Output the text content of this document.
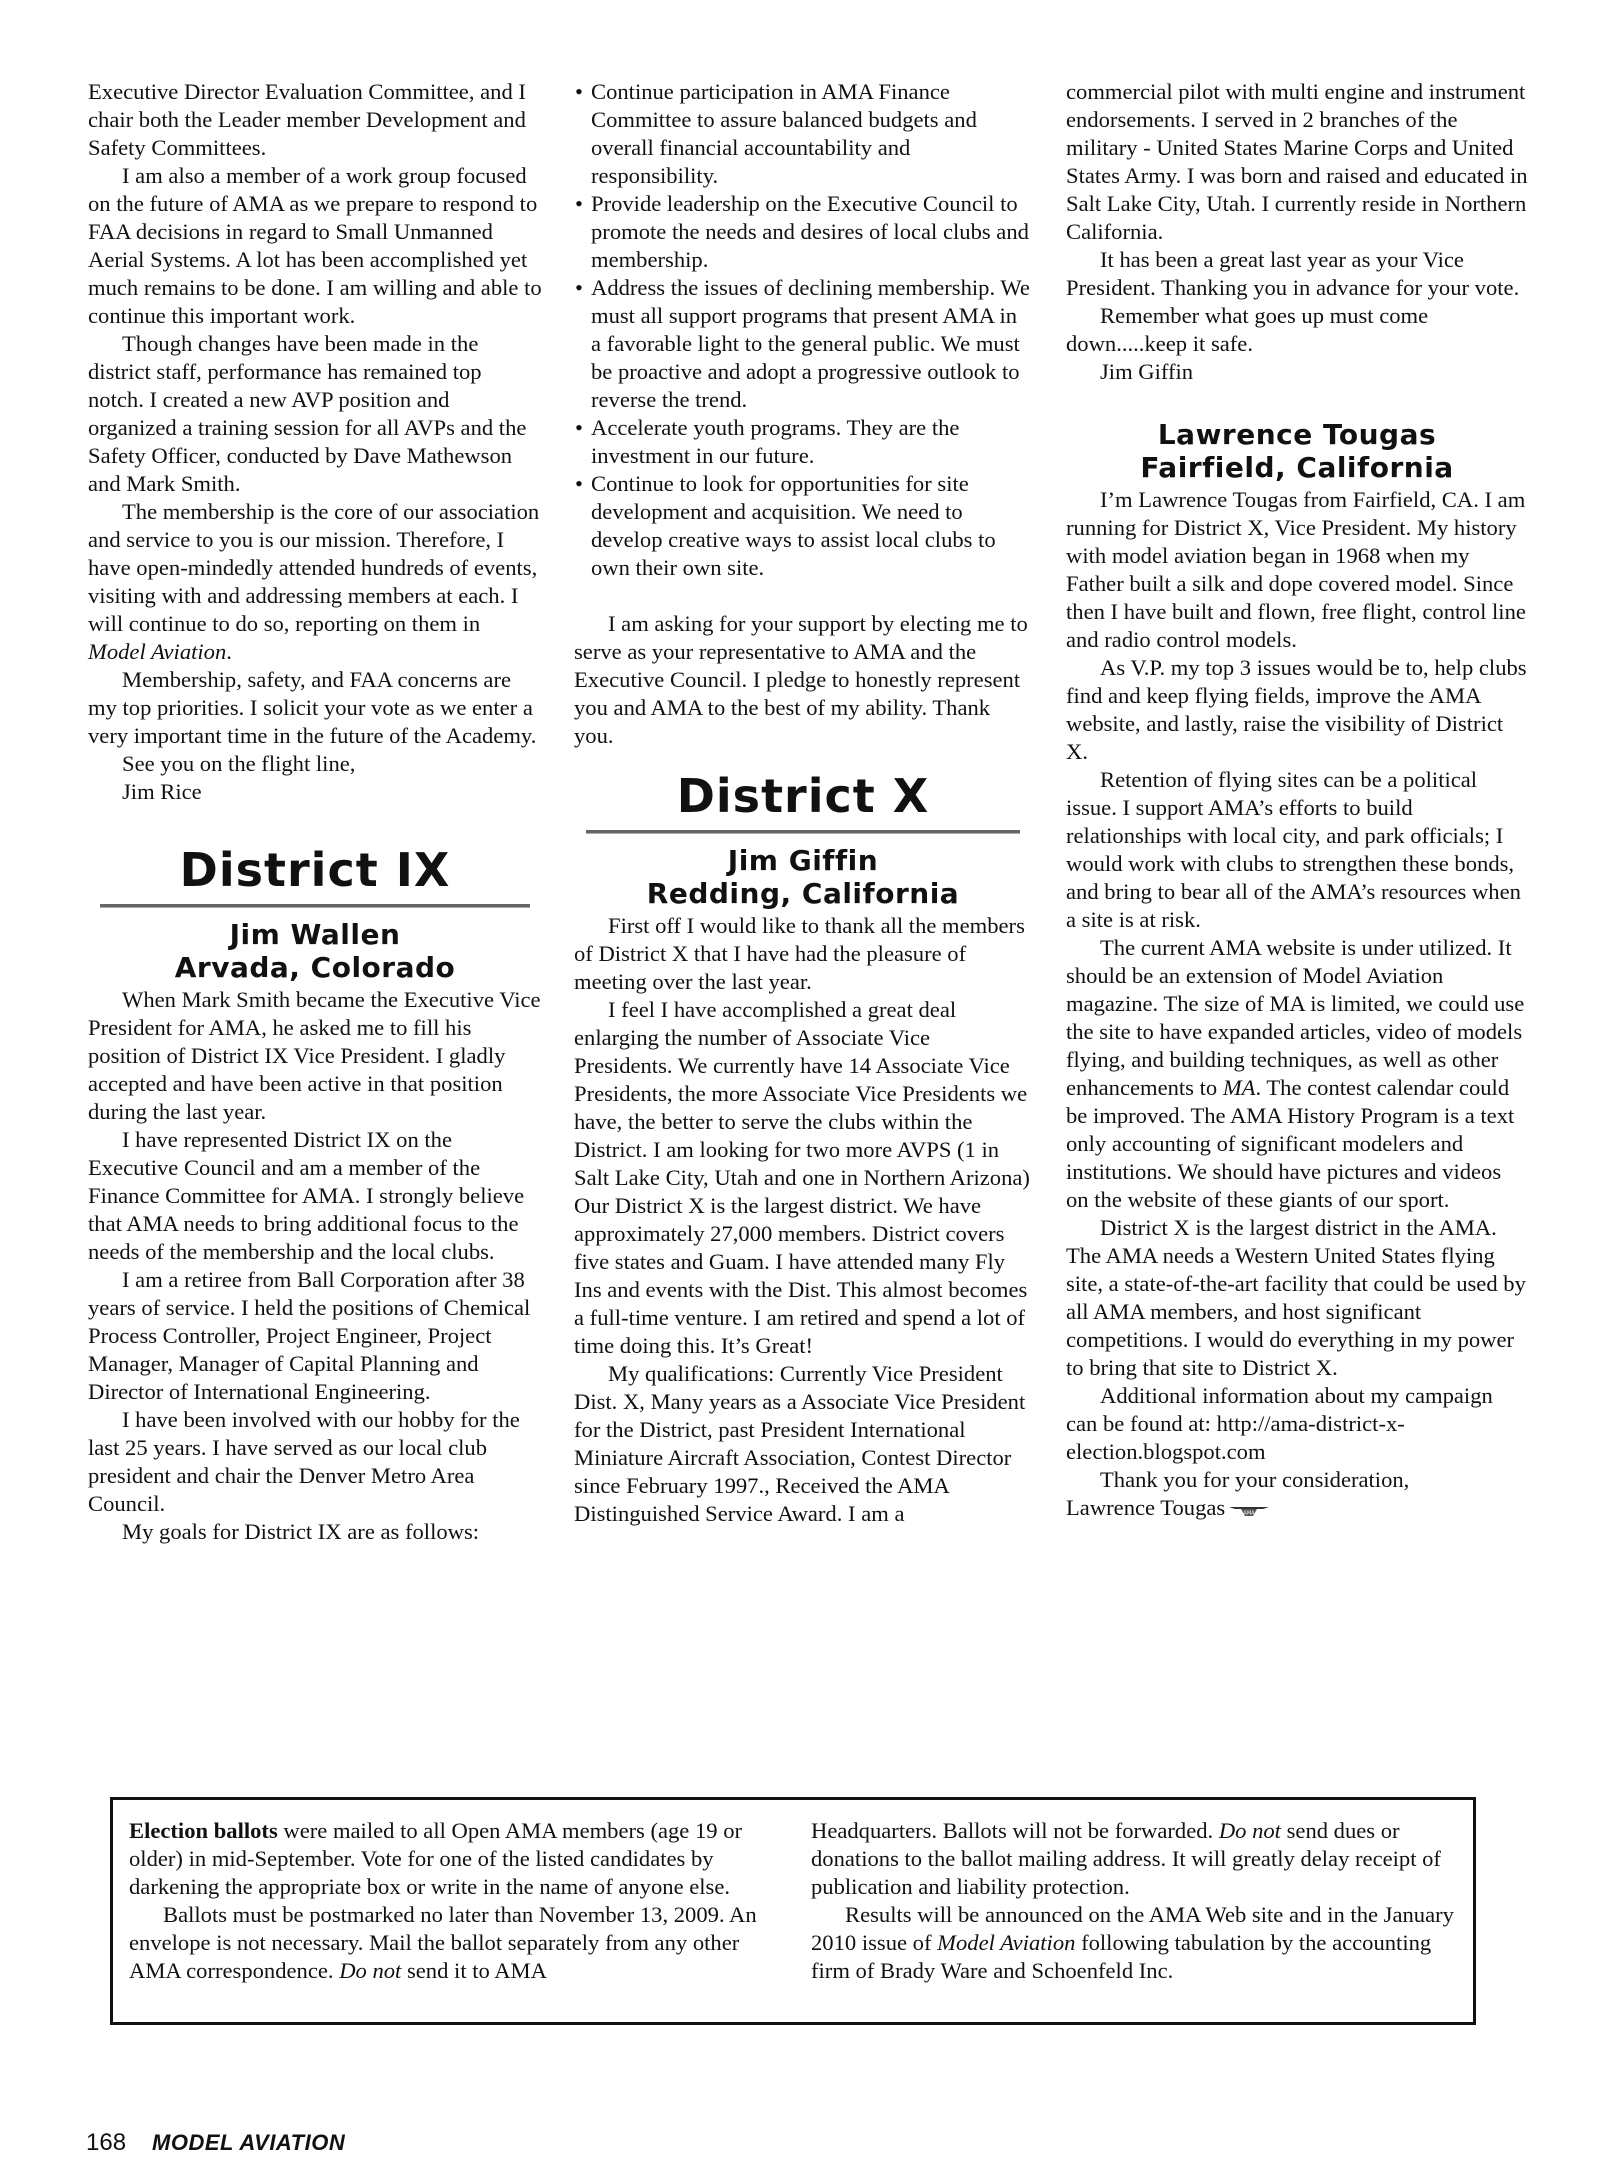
Executive Director Evaluation Committee, and I chair both the Leader member Development and Safety Committees.

I am also a member of a work group focused on the future of AMA as we prepare to respond to FAA decisions in regard to Small Unmanned Aerial Systems. A lot has been accomplished yet much remains to be done. I am willing and able to continue this important work.

Though changes have been made in the district staff, performance has remained top notch. I created a new AVP position and organized a training session for all AVPs and the Safety Officer, conducted by Dave Mathewson and Mark Smith.

The membership is the core of our association and service to you is our mission. Therefore, I have open-mindedly attended hundreds of events, visiting with and addressing members at each. I will continue to do so, reporting on them in Model Aviation.

Membership, safety, and FAA concerns are my top priorities. I solicit your vote as we enter a very important time in the future of the Academy.

See you on the flight line,

Jim Rice

District IX
Jim Wallen
Arvada, Colorado

When Mark Smith became the Executive Vice President for AMA, he asked me to fill his position of District IX Vice President. I gladly accepted and have been active in that position during the last year.

I have represented District IX on the Executive Council and am a member of the Finance Committee for AMA. I strongly believe that AMA needs to bring additional focus to the needs of the membership and the local clubs.

I am a retiree from Ball Corporation after 38 years of service. I held the positions of Chemical Process Controller, Project Engineer, Project Manager, Manager of Capital Planning and Director of International Engineering.

I have been involved with our hobby for the last 25 years. I have served as our local club president and chair the Denver Metro Area Council.

My goals for District IX are as follows:

• Continue participation in AMA Finance Committee to assure balanced budgets and overall financial accountability and responsibility.
• Provide leadership on the Executive Council to promote the needs and desires of local clubs and membership.
• Address the issues of declining membership. We must all support programs that present AMA in a favorable light to the general public. We must be proactive and adopt a progressive outlook to reverse the trend.
• Accelerate youth programs. They are the investment in our future.
• Continue to look for opportunities for site development and acquisition. We need to develop creative ways to assist local clubs to own their own site.

I am asking for your support by electing me to serve as your representative to AMA and the Executive Council. I pledge to honestly represent you and AMA to the best of my ability. Thank you.

District X
Jim Giffin
Redding, California

First off I would like to thank all the members of District X that I have had the pleasure of meeting over the last year.

I feel I have accomplished a great deal enlarging the number of Associate Vice Presidents. We currently have 14 Associate Vice Presidents, the more Associate Vice Presidents we have, the better to serve the clubs within the District. I am looking for two more AVPS (1 in Salt Lake City, Utah and one in Northern Arizona) Our District X is the largest district. We have approximately 27,000 members. District covers five states and Guam. I have attended many Fly Ins and events with the Dist. This almost becomes a full-time venture. I am retired and spend a lot of time doing this. It’s Great!

My qualifications: Currently Vice President Dist. X, Many years as a Associate Vice President for the District, past President International Miniature Aircraft Association, Contest Director since February 1997., Received the AMA Distinguished Service Award. I am a

commercial pilot with multi engine and instrument endorsements. I served in 2 branches of the military - United States Marine Corps and United States Army. I was born and raised and educated in Salt Lake City, Utah. I currently reside in Northern California.

It has been a great last year as your Vice President. Thanking you in advance for your vote.

Remember what goes up must come down.....keep it safe.

Jim Giffin

Lawrence Tougas
Fairfield, California

I’m Lawrence Tougas from Fairfield, CA. I am running for District X, Vice President. My history with model aviation began in 1968 when my Father built a silk and dope covered model. Since then I have built and flown, free flight, control line and radio control models.

As V.P. my top 3 issues would be to, help clubs find and keep flying fields, improve the AMA website, and lastly, raise the visibility of District X.

Retention of flying sites can be a political issue. I support AMA’s efforts to build relationships with local city, and park officials; I would work with clubs to strengthen these bonds, and bring to bear all of the AMA’s resources when a site is at risk.

The current AMA website is under utilized. It should be an extension of Model Aviation magazine. The size of MA is limited, we could use the site to have expanded articles, video of models flying, and building techniques, as well as other enhancements to MA. The contest calendar could be improved. The AMA History Program is a text only accounting of significant modelers and institutions. We should have pictures and videos on the website of these giants of our sport.

District X is the largest district in the AMA. The AMA needs a Western United States flying site, a state-of-the-art facility that could be used by all AMA members, and host significant competitions. I would do everything in my power to bring that site to District X.

Additional information about my campaign can be found at: http://ama-district-x-election.blogspot.com

Thank you for your consideration,

Lawrence Tougas	AMA

Election ballots were mailed to all Open AMA members (age 19 or older) in mid-September. Vote for one of the listed candidates by darkening the appropriate box or write in the name of anyone else.

Ballots must be postmarked no later than November 13, 2009. An envelope is not necessary. Mail the ballot separately from any other AMA correspondence. Do not send it to AMA

Headquarters. Ballots will not be forwarded. Do not send dues or donations to the ballot mailing address. It will greatly delay receipt of publication and liability protection.

Results will be announced on the AMA Web site and in the January 2010 issue of Model Aviation following tabulation by the accounting firm of Brady Ware and Schoenfeld Inc.

168 MODEL AVIATION
